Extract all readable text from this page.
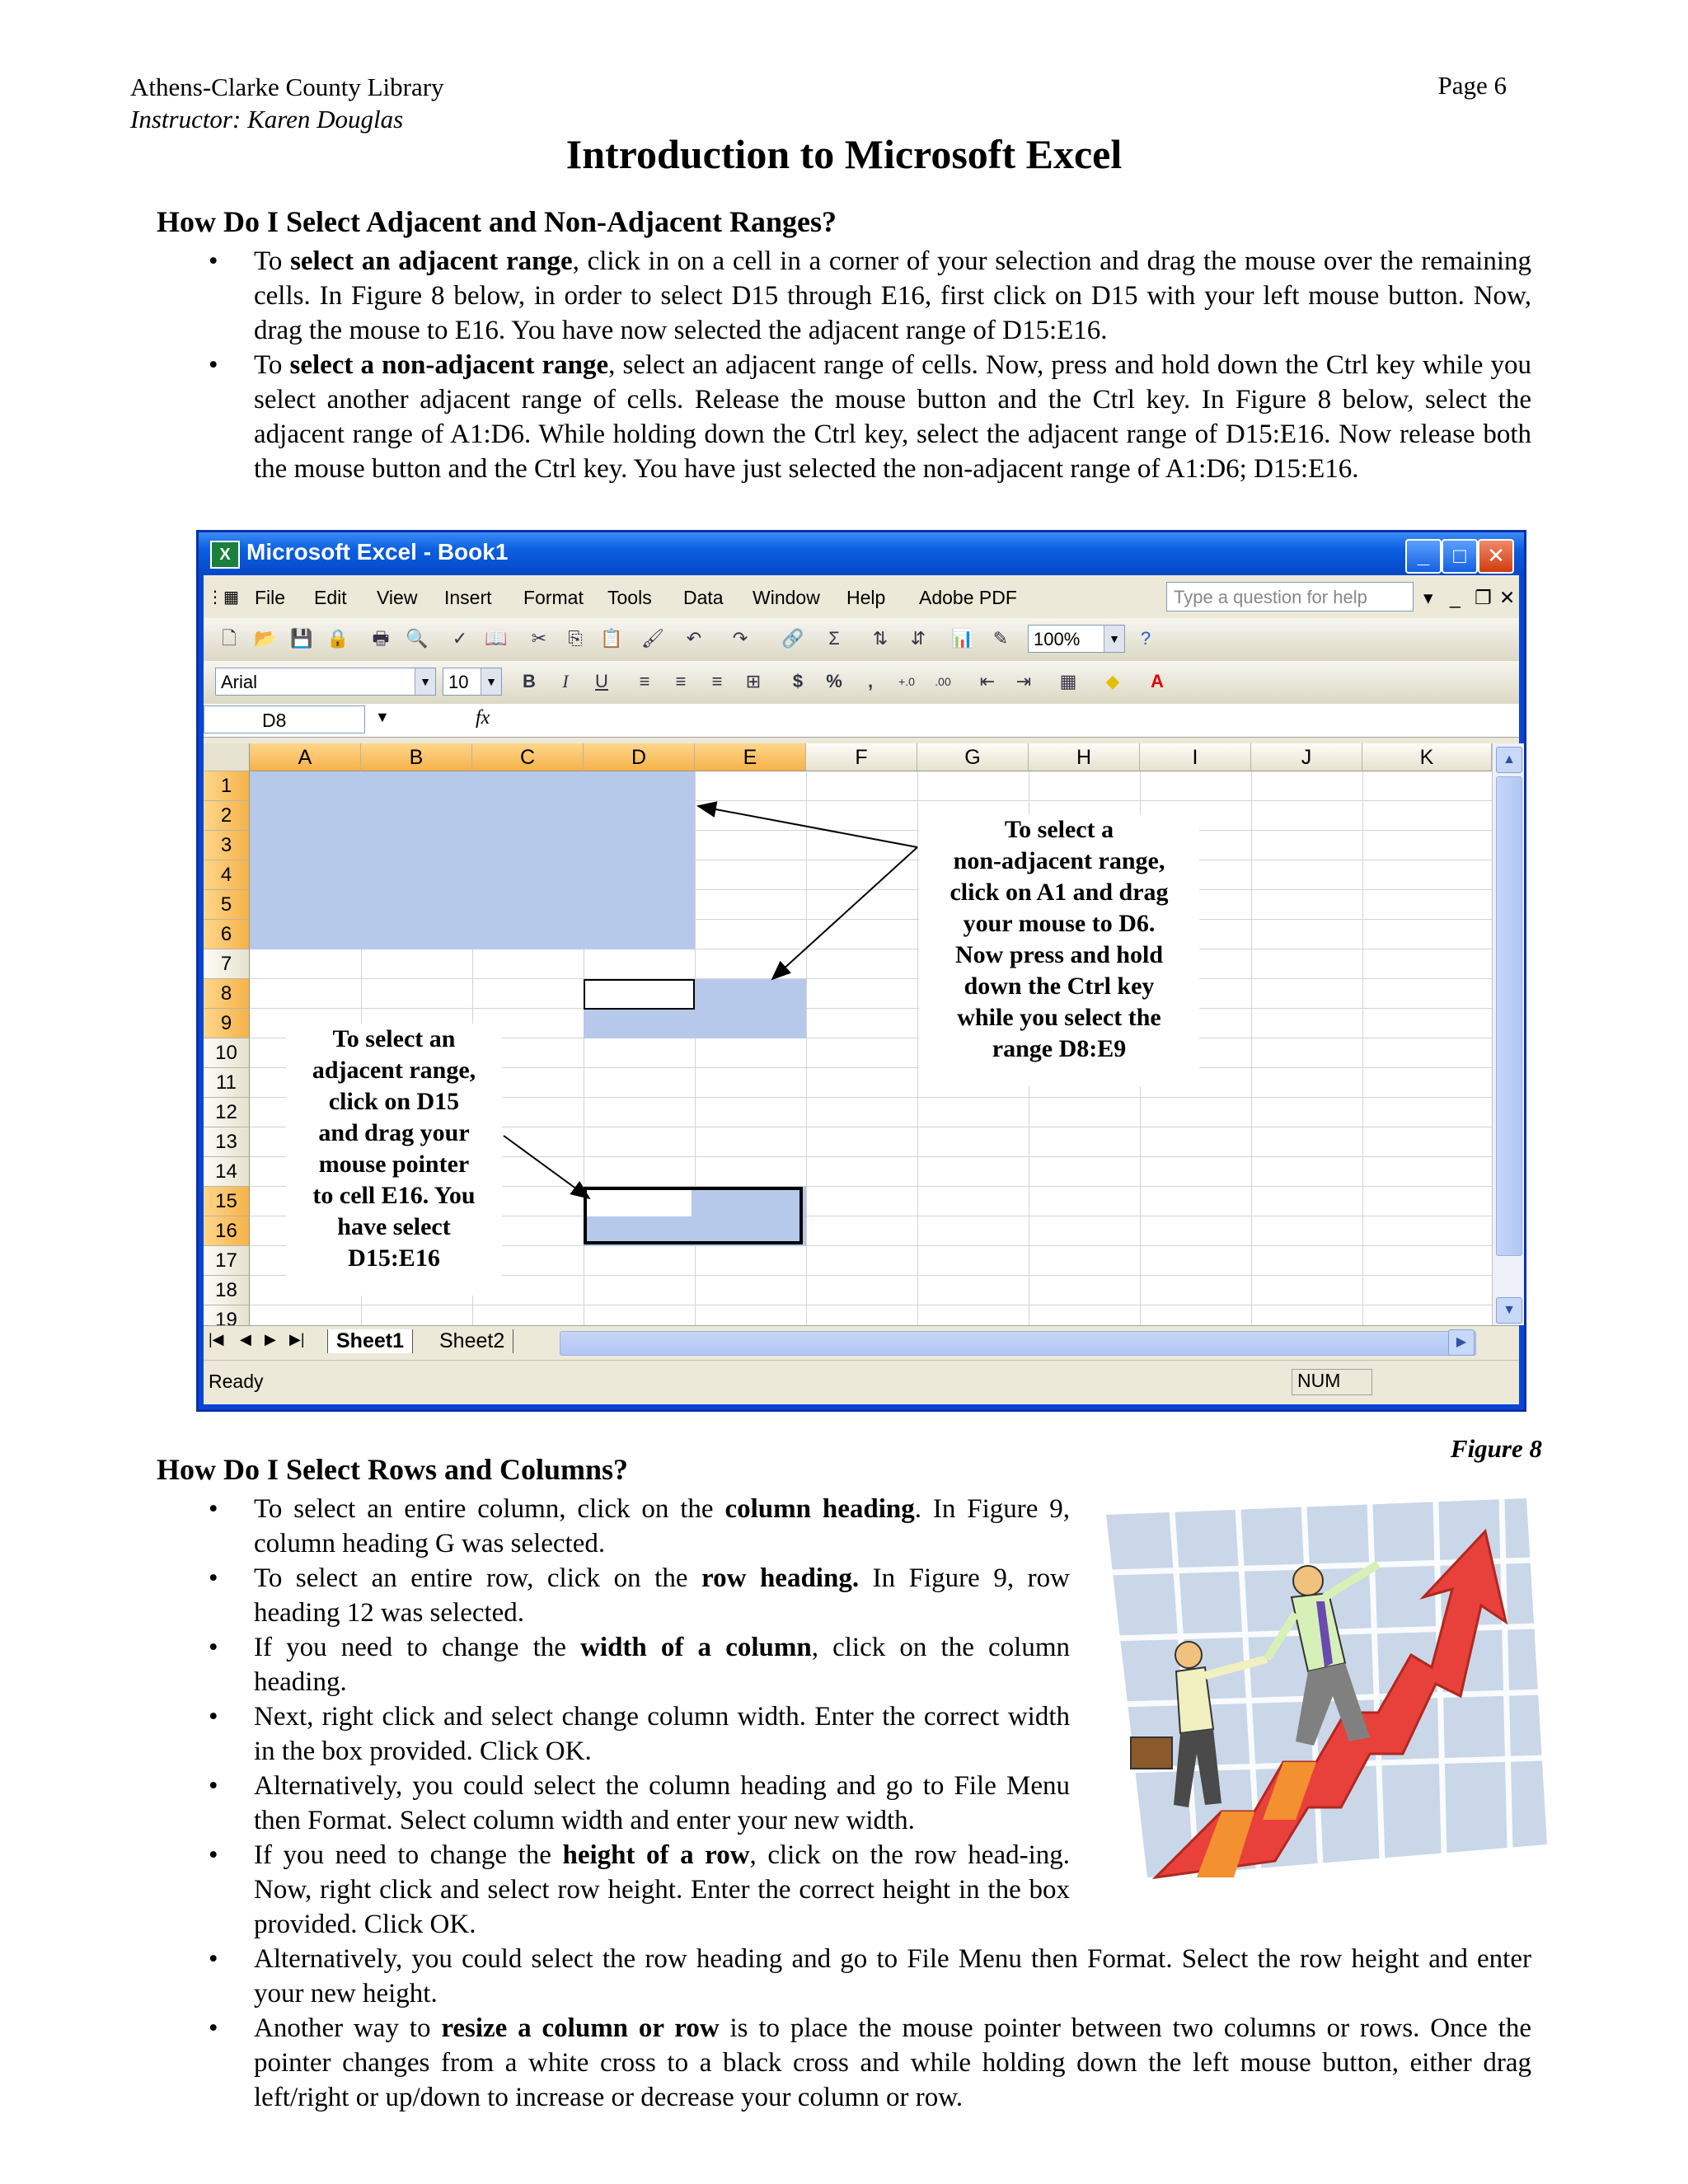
Athens-Clarke County Library
Instructor: Karen Douglas
Page 6
Introduction to Microsoft Excel
How Do I Select Adjacent and Non-Adjacent Ranges?
• To select an adjacent range, click in on a cell in a corner of your selection and drag the mouse over the remaining cells. In Figure 8 below, in order to select D15 through E16, first click on D15 with your left mouse button. Now, drag the mouse to E16. You have now selected the adjacent range of D15:E16.
• To select a non-adjacent range, select an adjacent range of cells. Now, press and hold down the Ctrl key while you select another adjacent range of cells. Release the mouse button and the Ctrl key. In Figure 8 below, select the adjacent range of A1:D6. While holding down the Ctrl key, select the adjacent range of D15:E16. Now release both the mouse button and the Ctrl key. You have just selected the non-adjacent range of A1:D6; D15:E16.
X Microsoft Excel - Book1	_	□ ✕
⋮▦ File Edit View Insert Format Tools Data Window Help Adobe PDF	Type a question for help	▾ _ ❐ ✕
🗋 📂 💾 🔒 🖶 🔍 ✓ 📖 ✂ ⎘ 📋 🖌 ↶ ↷ 🔗	Σ	⇅ ⇵ 📊 ✎	100%	▼	?
Arial	▼ 10	▼	B	I	U	≡	≡	≡	⊞	$	%	,	+.0	.00 ⇤ ⇥ ▦ ◆	A
D8	▼	fx
To select a
non-adjacent range,
click on A1 and drag
your mouse to D6.
Now press and hold
down the Ctrl key
while you select the
range D8:E9
To select an
adjacent range,
click on D15
and drag your
mouse pointer
to cell E16. You
have select
D15:E16
A	B	C	D	E	F	G	H	I	J	K
1
2
3
4
5
6
7
8
9
10
11
12
13
14
15
16
17
18
19
▲
▼
|◀ ◀ ▶ ▶|	Sheet1	Sheet2	▶
Ready	NUM
Figure 8
How Do I Select Rows and Columns?
• To select an entire column, click on the column heading. In Figure 9, column heading G was selected.
• To select an entire row, click on the row heading. In Figure 9, row heading 12 was selected.
• If you need to change the width of a column, click on the column heading.
• Next, right click and select change column width. Enter the correct width in the box provided. Click OK.
• Alternatively, you could select the column heading and go to File Menu then Format. Select column width and enter your new width.
• If you need to change the height of a row, click on the row head-ing. Now, right click and select row height. Enter the correct height in the box provided. Click OK.
• Alternatively, you could select the row heading and go to File Menu then Format. Select the row height and enter your new height.
• Another way to resize a column or row is to place the mouse pointer between two columns or rows. Once the pointer changes from a white cross to a black cross and while holding down the left mouse button, either drag left/right or up/down to increase or decrease your column or row.
